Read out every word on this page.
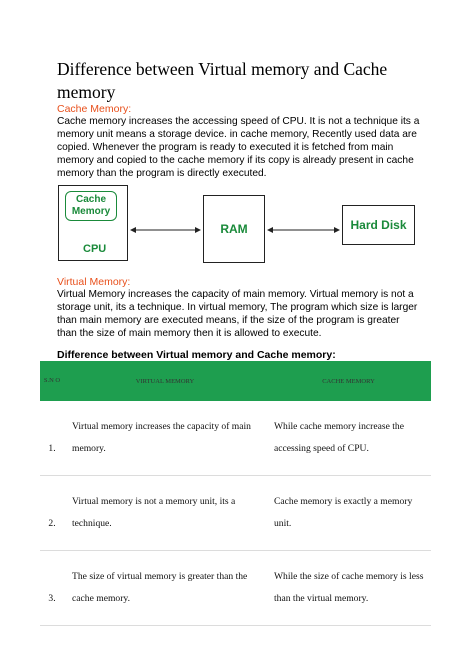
Difference between Virtual memory and Cache memory
Cache Memory:
Cache memory increases the accessing speed of CPU. It is not a technique its a memory unit means a storage device. in cache memory, Recently used data are copied. Whenever the program is ready to executed it is fetched from main memory and copied to the cache memory if its copy is already present in cache memory than the program is directly executed.
Cache Memory
CPU
RAM	Hard Disk
Virtual Memory:
Virtual Memory increases the capacity of main memory. Virtual memory is not a storage unit, its a technique. In virtual memory, The program which size is larger than main memory are executed means, if the size of the program is greater than the size of main memory then it is allowed to execute.
Difference between Virtual memory and Cache memory:
S.N O	VIRTUAL MEMORY	CACHE MEMORY
1.	Virtual memory increases the capacity of main memory.	While cache memory increase the accessing speed of CPU.
2.	Virtual memory is not a memory unit, its a technique.	Cache memory is exactly a memory unit.
3.	The size of virtual memory is greater than the cache memory.	While the size of cache memory is less than the virtual memory.
